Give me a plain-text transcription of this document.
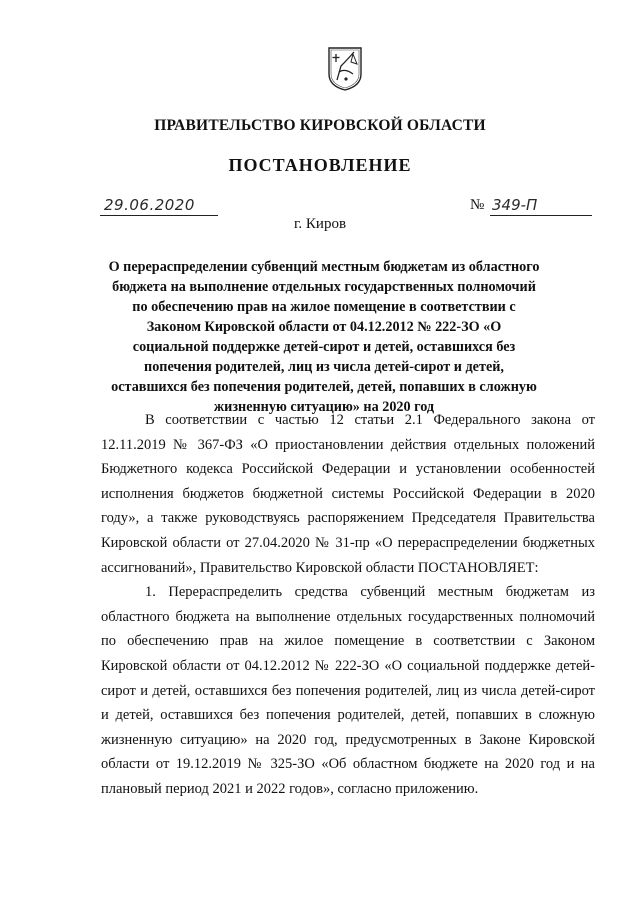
ПРАВИТЕЛЬСТВО КИРОВСКОЙ ОБЛАСТИ
ПОСТАНОВЛЕНИЕ
29.06.2020	№ 349-П
г. Киров
О перераспределении субвенций местным бюджетам из областного бюджета на выполнение отдельных государственных полномочий по обеспечению прав на жилое помещение в соответствии с Законом Кировской области от 04.12.2012 № 222-ЗО «О социальной поддержке детей-сирот и детей, оставшихся без попечения родителей, лиц из числа детей-сирот и детей, оставшихся без попечения родителей, детей, попавших в сложную жизненную ситуацию» на 2020 год

В соответствии с частью 12 статьи 2.1 Федерального закона от 12.11.2019 № 367-ФЗ «О приостановлении действия отдельных положений Бюджетного кодекса Российской Федерации и установлении особенностей исполнения бюджетов бюджетной системы Российской Федерации в 2020 году», а также руководствуясь распоряжением Председателя Правительства Кировской области от 27.04.2020 № 31-пр «О перераспределении бюджетных ассигнований», Правительство Кировской области ПОСТАНОВЛЯЕТ:

1. Перераспределить средства субвенций местным бюджетам из областного бюджета на выполнение отдельных государственных полномочий по обеспечению прав на жилое помещение в соответствии с Законом Кировской области от 04.12.2012 № 222-ЗО «О социальной поддержке детей-сирот и детей, оставшихся без попечения родителей, лиц из числа детей-сирот и детей, оставшихся без попечения родителей, детей, попавших в сложную жизненную ситуацию» на 2020 год, предусмотренных в Законе Кировской области от 19.12.2019 № 325-ЗО «Об областном бюджете на 2020 год и на плановый период 2021 и 2022 годов», согласно приложению.
